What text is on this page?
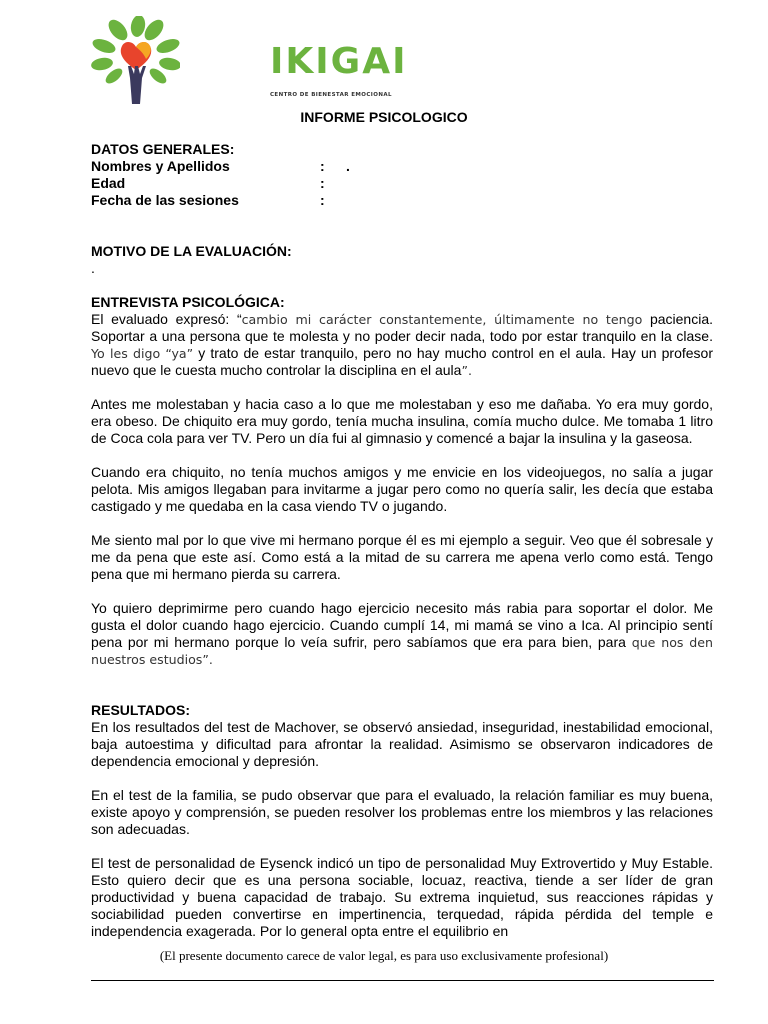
IKIGAI
CENTRO DE BIENESTAR EMOCIONAL
INFORME PSICOLOGICO
DATOS GENERALES:
Nombres y Apellidos	: .
Edad	:
Fecha de las sesiones	:
MOTIVO DE LA EVALUACIÓN:
.
ENTREVISTA PSICOLÓGICA:

El evaluado expresó: “cambio mi carácter constantemente, últimamente no tengo paciencia. Soportar a una persona que te molesta y no poder decir nada, todo por estar tranquilo en la clase. Yo les digo “ya” y trato de estar tranquilo, pero no hay mucho control en el aula. Hay un profesor nuevo que le cuesta mucho controlar la disciplina en el aula”.

Antes me molestaban y hacia caso a lo que me molestaban y eso me dañaba. Yo era muy gordo, era obeso. De chiquito era muy gordo, tenía mucha insulina, comía mucho dulce. Me tomaba 1 litro de Coca cola para ver TV. Pero un día fui al gimnasio y comencé a bajar la insulina y la gaseosa.

Cuando era chiquito, no tenía muchos amigos y me envicie en los videojuegos, no salía a jugar pelota. Mis amigos llegaban para invitarme a jugar pero como no quería salir, les decía que estaba castigado y me quedaba en la casa viendo TV o jugando.

Me siento mal por lo que vive mi hermano porque él es mi ejemplo a seguir. Veo que él sobresale y me da pena que este así. Como está a la mitad de su carrera me apena verlo como está. Tengo pena que mi hermano pierda su carrera.

Yo quiero deprimirme pero cuando hago ejercicio necesito más rabia para soportar el dolor. Me gusta el dolor cuando hago ejercicio. Cuando cumplí 14, mi mamá se vino a Ica. Al principio sentí pena por mi hermano porque lo veía sufrir, pero sabíamos que era para bien, para que nos den nuestros estudios”.

RESULTADOS:

En los resultados del test de Machover, se observó ansiedad, inseguridad, inestabilidad emocional, baja autoestima y dificultad para afrontar la realidad. Asimismo se observaron indicadores de dependencia emocional y depresión.

En el test de la familia, se pudo observar que para el evaluado, la relación familiar es muy buena, existe apoyo y comprensión, se pueden resolver los problemas entre los miembros y las relaciones son adecuadas.

El test de personalidad de Eysenck indicó un tipo de personalidad Muy Extrovertido y Muy Estable. Esto quiero decir que es una persona sociable, locuaz, reactiva, tiende a ser líder de gran productividad y buena capacidad de trabajo. Su extrema inquietud, sus reacciones rápidas y sociabilidad pueden convertirse en impertinencia, terquedad, rápida pérdida del temple e independencia exagerada. Por lo general opta entre el equilibrio en

(El presente documento carece de valor legal, es para uso exclusivamente profesional)
